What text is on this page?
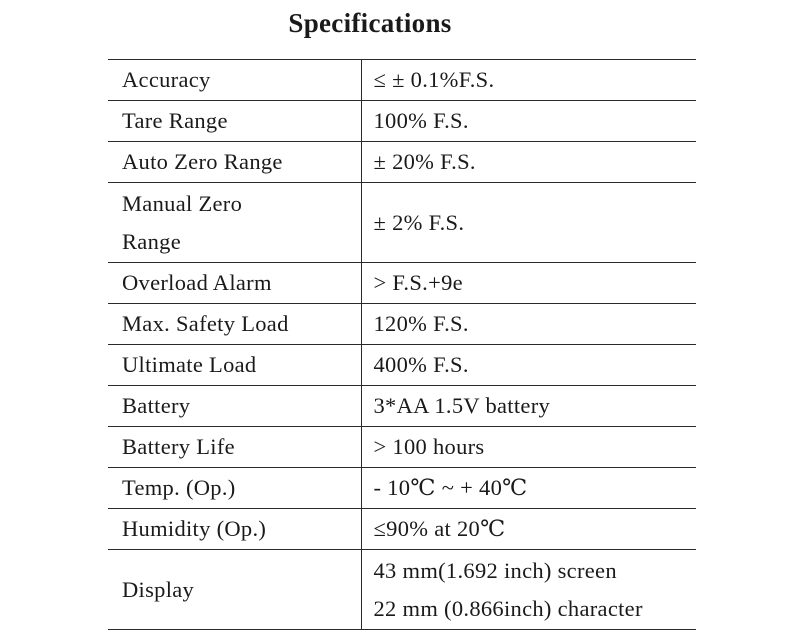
Specifications
Accuracy	≤ ± 0.1%F.S.
Tare Range	100% F.S.
Auto Zero Range	± 20% F.S.

Manual Zero
Range	± 2% F.S.
Overload Alarm	> F.S.+9e
Max. Safety Load	120% F.S.
Ultimate Load	400% F.S.
Battery	3*AA 1.5V battery
Battery Life	> 100 hours
Temp. (Op.)	- 10℃ ~ + 40℃
Humidity (Op.)	≤90% at 20℃
Display	43 mm(1.692 inch) screen
22 mm (0.866inch) character
